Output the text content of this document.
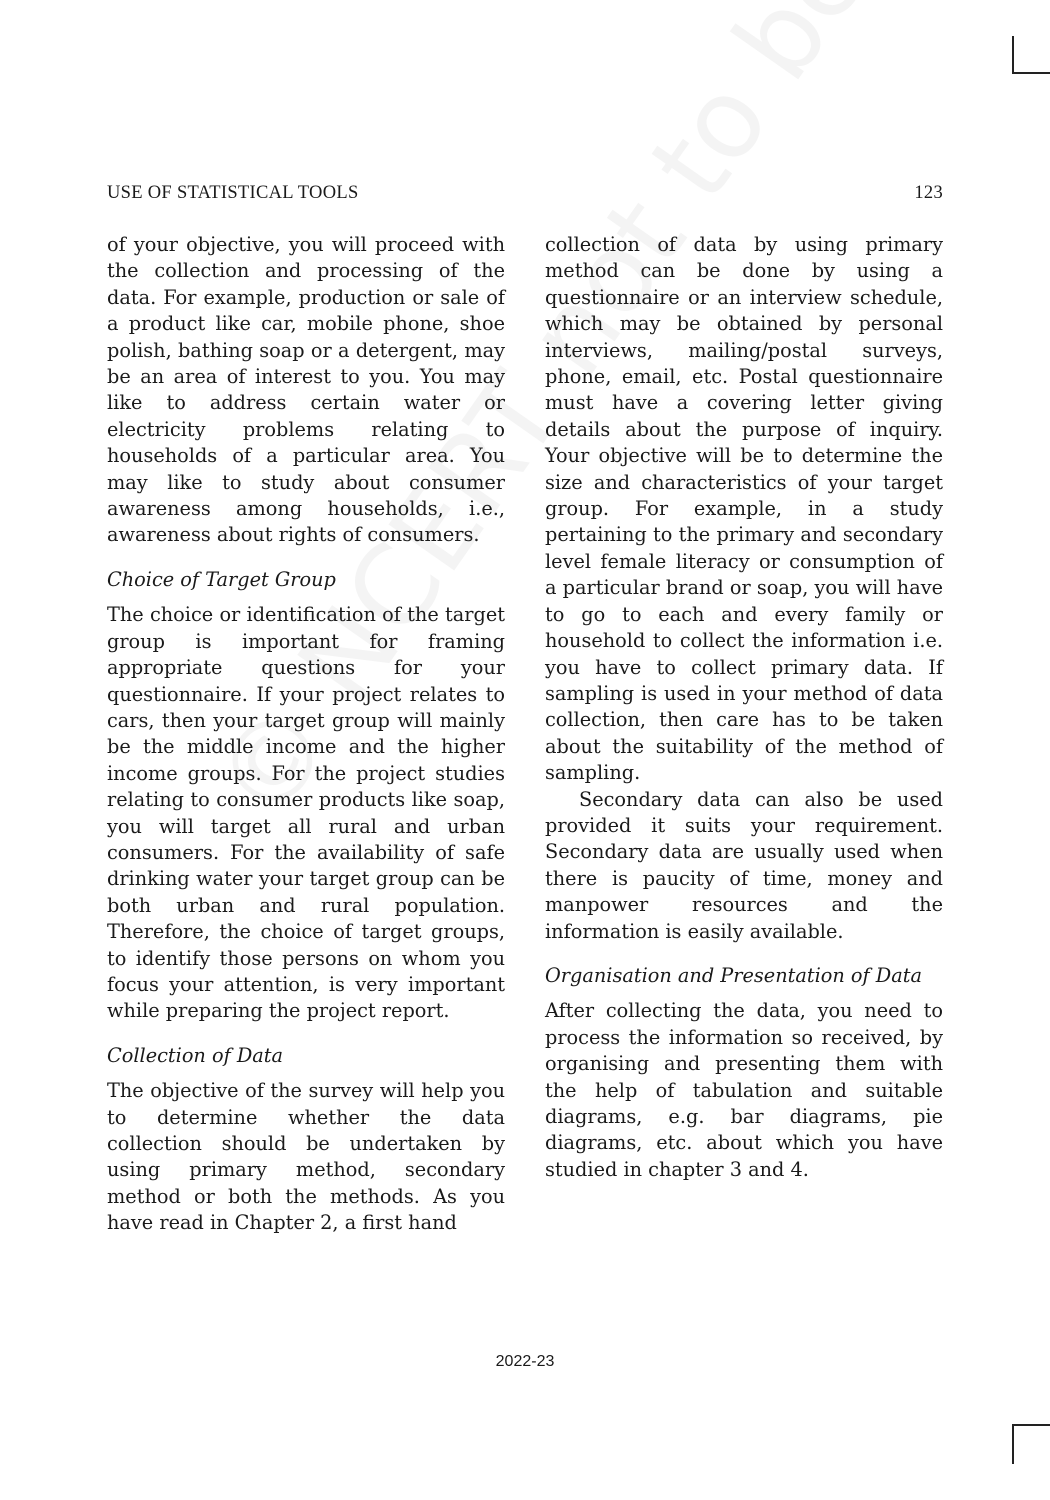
USE OF STATISTICAL TOOLS	123

of your objective, you will proceed with the collection and processing of the data. For example, production or sale of a product like car, mobile phone, shoe polish, bathing soap or a detergent, may be an area of interest to you. You may like to address certain water or electricity problems relating to households of a particular area. You may like to study about consumer awareness among households, i.e., awareness about rights of consumers.

Choice of Target Group

The choice or identification of the target group is important for framing appropriate questions for your questionnaire. If your project relates to cars, then your target group will mainly be the middle income and the higher income groups. For the project studies relating to consumer products like soap, you will target all rural and urban consumers. For the availability of safe drinking water your target group can be both urban and rural population. Therefore, the choice of target groups, to identify those persons on whom you focus your attention, is very important while preparing the project report.

Collection of Data

The objective of the survey will help you to determine whether the data collection should be undertaken by using primary method, secondary method or both the methods. As you have read in Chapter 2, a first hand

collection of data by using primary method can be done by using a questionnaire or an interview schedule, which may be obtained by personal interviews, mailing/postal surveys, phone, email, etc. Postal questionnaire must have a covering letter giving details about the purpose of inquiry. Your objective will be to determine the size and characteristics of your target group. For example, in a study pertaining to the primary and secondary level female literacy or consumption of a particular brand or soap, you will have to go to each and every family or household to collect the information i.e. you have to collect primary data. If sampling is used in your method of data collection, then care has to be taken about the suitability of the method of sampling.

Secondary data can also be used provided it suits your requirement. Secondary data are usually used when there is paucity of time, money and manpower resources and the information is easily available.

Organisation and Presentation of Data

After collecting the data, you need to process the information so received, by organising and presenting them with the help of tabulation and suitable diagrams, e.g. bar diagrams, pie diagrams, etc. about which you have studied in chapter 3 and 4.

2022-23
